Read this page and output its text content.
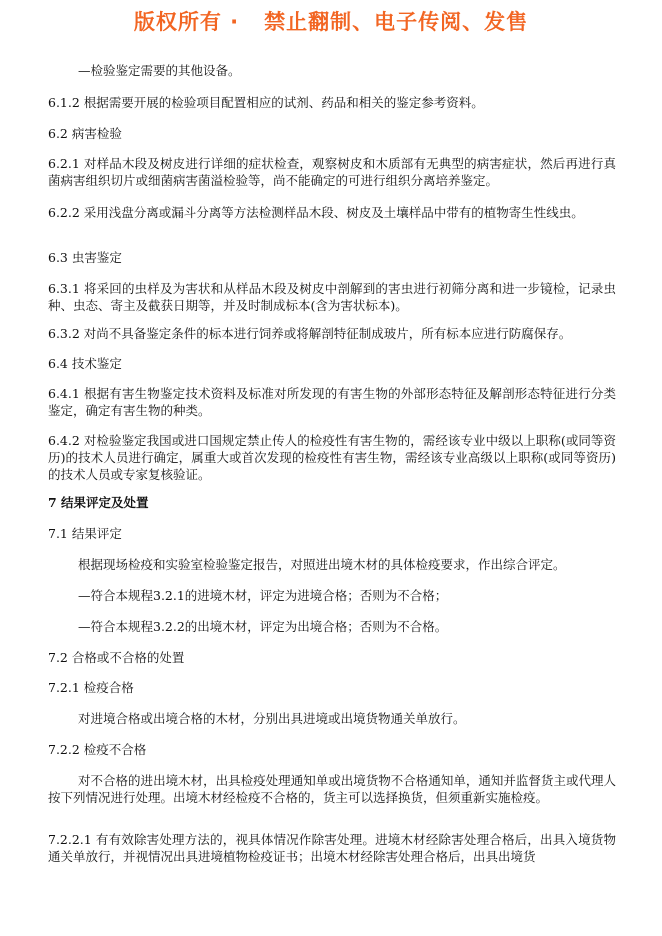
版权所有 ·   禁止翻制、电子传阅、发售

—检验鉴定需要的其他设备。

6.1.2 根据需要开展的检验项目配置相应的试剂、药品和相关的鉴定参考资料。

6.2 病害检验

6.2.1 对样品木段及树皮进行详细的症状检查，观察树皮和木质部有无典型的病害症状，然后再进行真菌病害组织切片或细菌病害菌溢检验等，尚不能确定的可进行组织分离培养鉴定。

6.2.2 采用浅盘分离或漏斗分离等方法检测样品木段、树皮及土壤样品中带有的植物寄生性线虫。

6.3 虫害鉴定

6.3.1 将采回的虫样及为害状和从样品木段及树皮中剖解到的害虫进行初筛分离和进一步镜检，记录虫种、虫态、寄主及截获日期等，并及时制成标本(含为害状标本)。

6.3.2 对尚不具备鉴定条件的标本进行饲养或将解剖特征制成玻片，所有标本应进行防腐保存。

6.4 技术鉴定

6.4.1 根据有害生物鉴定技术资料及标准对所发现的有害生物的外部形态特征及解剖形态特征进行分类鉴定，确定有害生物的种类。

6.4.2 对检验鉴定我国或进口国规定禁止传人的检疫性有害生物的，需经该专业中级以上职称(或同等资历)的技术人员进行确定，属重大或首次发现的检疫性有害生物，需经该专业高级以上职称(或同等资历)的技术人员或专家复核验证。

7 结果评定及处置

7.1 结果评定

根据现场检疫和实验室检验鉴定报告，对照进出境木材的具体检疫要求，作出综合评定。

—符合本规程3.2.1的进境木材，评定为进境合格；否则为不合格；

—符合本规程3.2.2的出境木材，评定为出境合格；否则为不合格。

7.2 合格或不合格的处置

7.2.1 检疫合格

对进境合格或出境合格的木材，分别出具进境或出境货物通关单放行。

7.2.2 检疫不合格

对不合格的进出境木材，出具检疫处理通知单或出境货物不合格通知单，通知并监督货主或代理人按下列情况进行处理。出境木材经检疫不合格的，货主可以选择换货，但须重新实施检疫。

7.2.2.1 有有效除害处理方法的，视具体情况作除害处理。进境木材经除害处理合格后，出具入境货物通关单放行，并视情况出具进境植物检疫证书；出境木材经除害处理合格后，出具出境货
